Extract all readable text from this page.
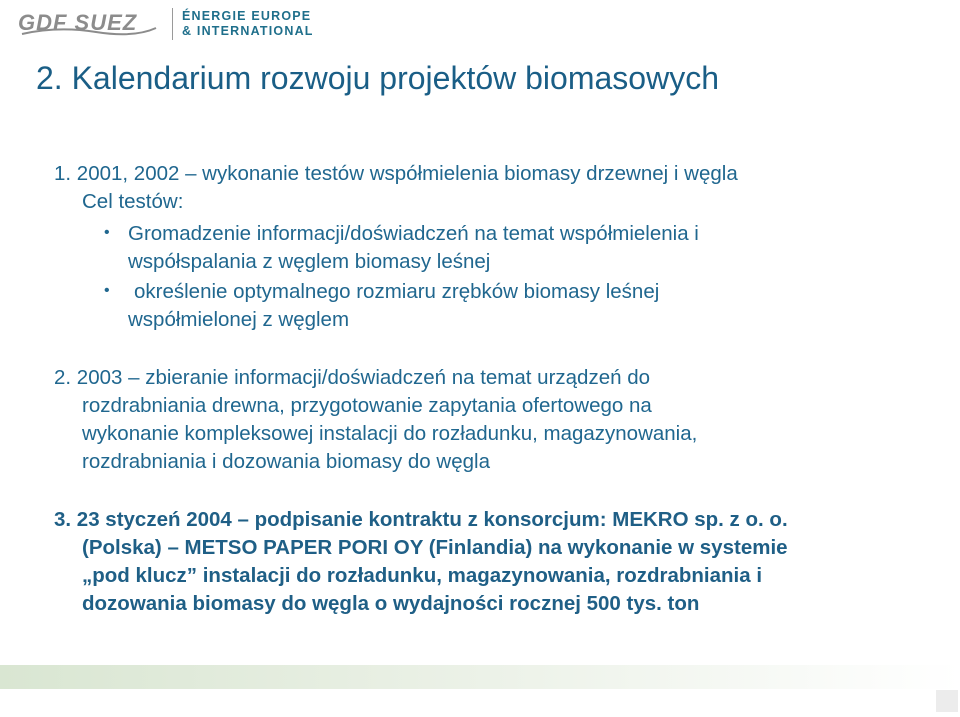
GDF SUEZ	ÉNERGIE EUROPE
& INTERNATIONAL
2. Kalendarium rozwoju projektów biomasowych
1. 2001, 2002 – wykonanie testów współmielenia biomasy drzewnej i węgla
Cel testów:
• Gromadzenie informacji/doświadczeń na temat współmielenia i
współspalania z węglem biomasy leśnej
• określenie optymalnego rozmiaru zrębków biomasy leśnej
współmielonej z węglem
2. 2003 – zbieranie informacji/doświadczeń na temat urządzeń do
rozdrabniania drewna, przygotowanie zapytania ofertowego na
wykonanie kompleksowej instalacji do rozładunku, magazynowania,
rozdrabniania i dozowania biomasy do węgla
3. 23 styczeń 2004 – podpisanie kontraktu z konsorcjum: MEKRO sp. z o. o.
(Polska) – METSO PAPER PORI OY (Finlandia) na wykonanie w systemie
„pod klucz” instalacji do rozładunku, magazynowania, rozdrabniania i
dozowania biomasy do węgla o wydajności rocznej 500 tys. ton
